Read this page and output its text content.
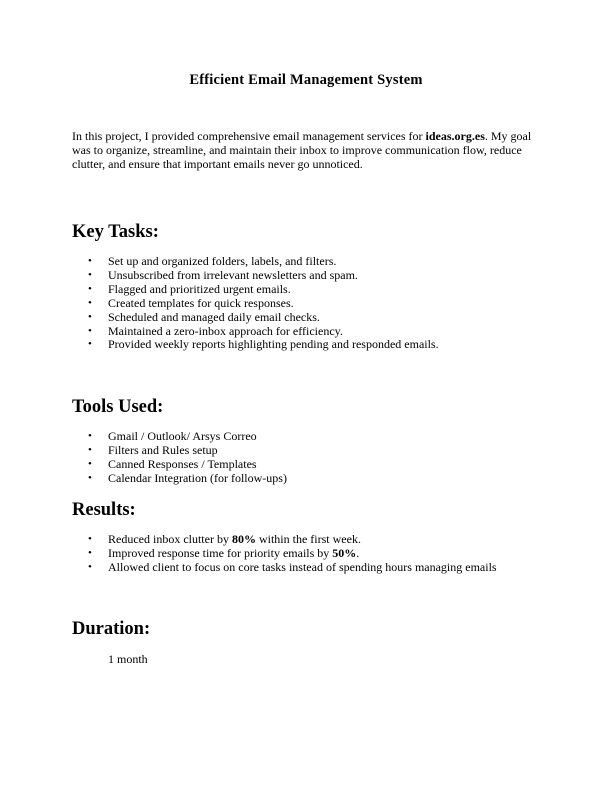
Efficient Email Management System

In this project, I provided comprehensive email management services for ideas.org.es. My goal was to organize, streamline, and maintain their inbox to improve communication flow, reduce clutter, and ensure that important emails never go unnoticed.

Key Tasks:
• Set up and organized folders, labels, and filters.
• Unsubscribed from irrelevant newsletters and spam.
• Flagged and prioritized urgent emails.
• Created templates for quick responses.
• Scheduled and managed daily email checks.
• Maintained a zero-inbox approach for efficiency.
• Provided weekly reports highlighting pending and responded emails.
Tools Used:
• Gmail / Outlook/ Arsys Correo
• Filters and Rules setup
• Canned Responses / Templates
• Calendar Integration (for follow-ups)
Results:
• Reduced inbox clutter by 80% within the first week.
• Improved response time for priority emails by 50%.
• Allowed client to focus on core tasks instead of spending hours managing emails
Duration:
1 month
